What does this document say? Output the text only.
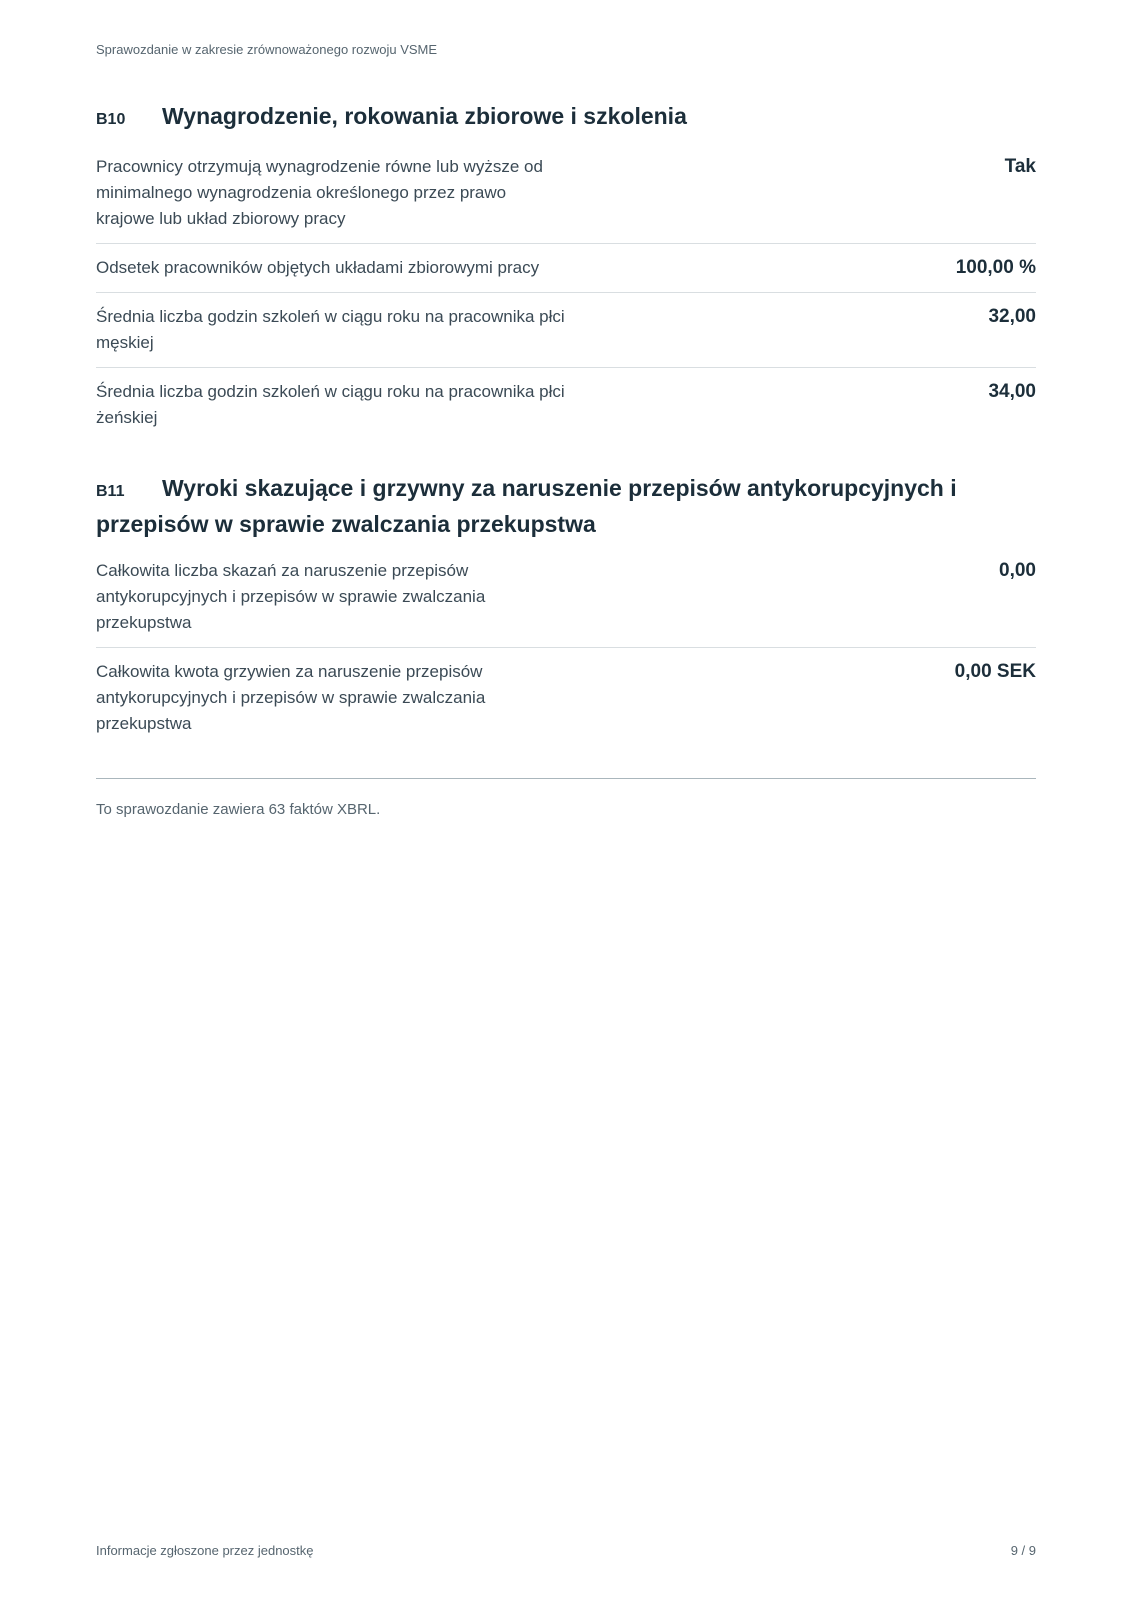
Sprawozdanie w zakresie zrównoważonego rozwoju VSME
B10 Wynagrodzenie, rokowania zbiorowe i szkolenia
Pracownicy otrzymują wynagrodzenie równe lub wyższe od minimalnego wynagrodzenia określonego przez prawo krajowe lub układ zbiorowy pracy
Tak
Odsetek pracowników objętych układami zbiorowymi pracy	100,00 %
Średnia liczba godzin szkoleń w ciągu roku na pracownika płci męskiej
32,00
Średnia liczba godzin szkoleń w ciągu roku na pracownika płci żeńskiej
34,00
B11 Wyroki skazujące i grzywny za naruszenie przepisów antykorupcyjnych i przepisów w sprawie zwalczania przekupstwa
Całkowita liczba skazań za naruszenie przepisów antykorupcyjnych i przepisów w sprawie zwalczania przekupstwa
0,00
Całkowita kwota grzywien za naruszenie przepisów antykorupcyjnych i przepisów w sprawie zwalczania przekupstwa
0,00 SEK
To sprawozdanie zawiera 63 faktów XBRL.
Informacje zgłoszone przez jednostkę	9 / 9
